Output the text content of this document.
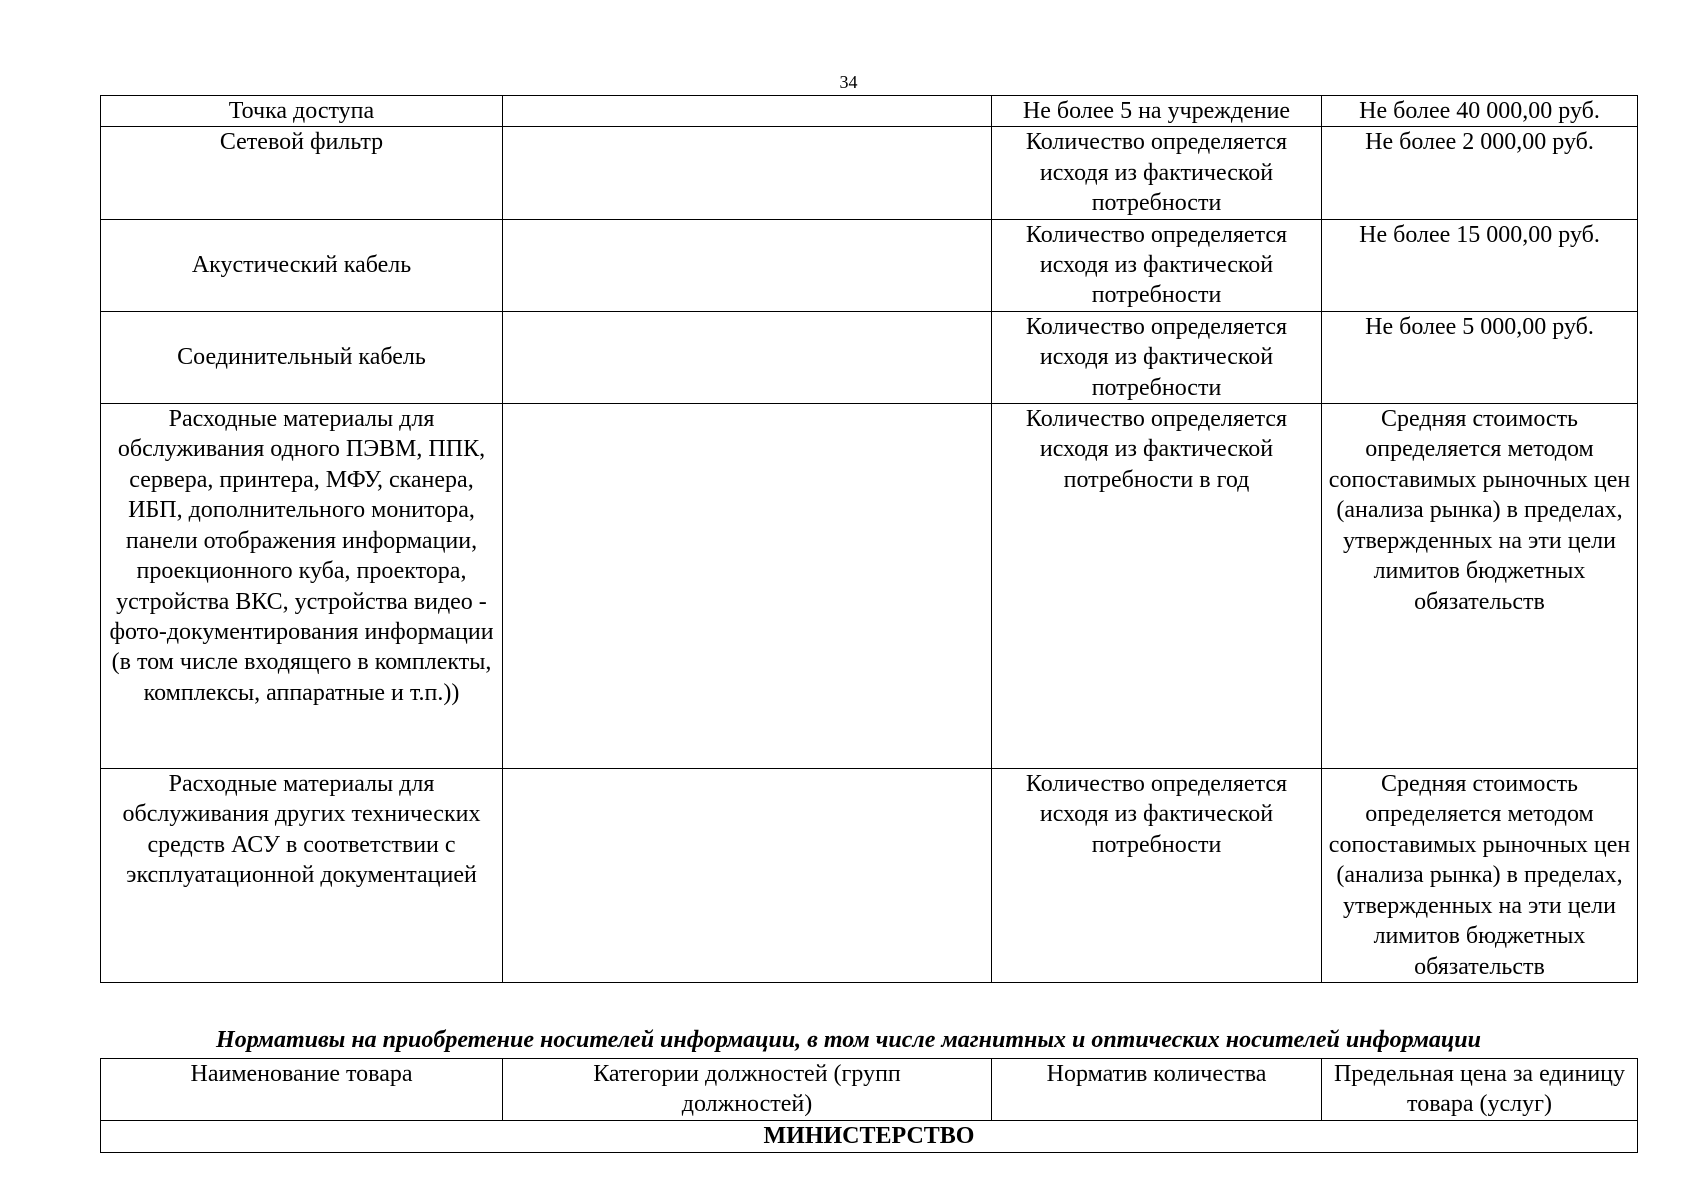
34
Точка доступа		Не более 5 на учреждение	Не более 40 000,00 руб.
Сетевой фильтр		Количество определяется исходя из фактической потребности	Не более 2 000,00 руб.
Акустический кабель		Количество определяется исходя из фактической потребности	Не более 15 000,00 руб.
Соединительный кабель		Количество определяется исходя из фактической потребности	Не более 5 000,00 руб.
Расходные материалы для обслуживания одного ПЭВМ, ППК, сервера, принтера, МФУ, сканера, ИБП, дополнительного монитора, панели отображения информации, проекционного куба, проектора, устройства ВКС, устройства видео - фото-документирования информации (в том числе входящего в комплекты, комплексы, аппаратные и т.п.))		Количество определяется исходя из фактической потребности в год	Средняя стоимость определяется методом сопоставимых рыночных цен (анализа рынка) в пределах, утвержденных на эти цели лимитов бюджетных обязательств
Расходные материалы для обслуживания других технических средств АСУ в соответствии с эксплуатационной документацией		Количество определяется исходя из фактической потребности	Средняя стоимость определяется методом сопоставимых рыночных цен (анализа рынка) в пределах, утвержденных на эти цели лимитов бюджетных обязательств
Нормативы на приобретение носителей информации, в том числе магнитных и оптических носителей информации
Наименование товара	Категории должностей (групп должностей)	Норматив количества	Предельная цена за единицу товара (услуг)
МИНИСТЕРСТВО
